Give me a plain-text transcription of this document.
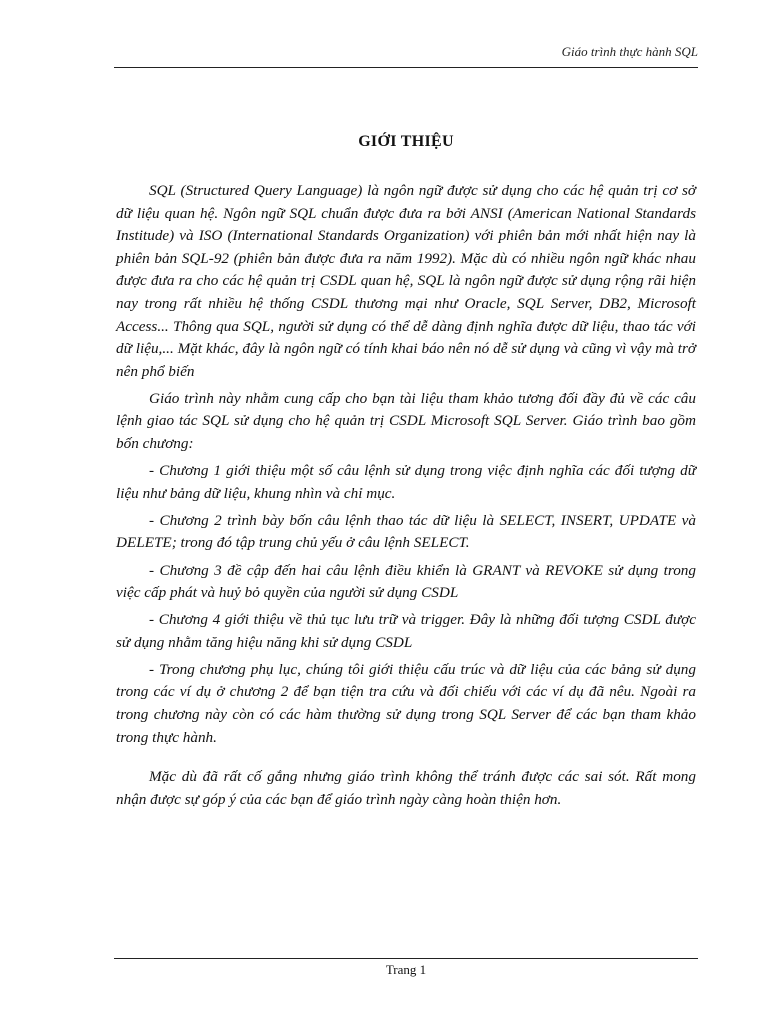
Giáo trình thực hành SQL
GIỚI THIỆU

SQL (Structured Query Language) là ngôn ngữ được sử dụng cho các hệ quản trị cơ sở dữ liệu quan hệ. Ngôn ngữ SQL chuẩn được đưa ra bởi ANSI (American National Standards Institude) và ISO (International Standards Organization) với phiên bản mới nhất hiện nay là phiên bản SQL-92 (phiên bản được đưa ra năm 1992). Mặc dù có nhiều ngôn ngữ khác nhau được đưa ra cho các hệ quản trị CSDL quan hệ, SQL là ngôn ngữ được sử dụng rộng rãi hiện nay trong rất nhiều hệ thống CSDL thương mại như Oracle, SQL Server, DB2, Microsoft Access... Thông qua SQL, người sử dụng có thể dễ dàng định nghĩa được dữ liệu, thao tác với dữ liệu,... Mặt khác, đây là ngôn ngữ có tính khai báo nên nó dễ sử dụng và cũng vì vậy mà trở nên phổ biến

Giáo trình này nhằm cung cấp cho bạn tài liệu tham khảo tương đối đầy đủ về các câu lệnh giao tác SQL sử dụng cho hệ quản trị CSDL Microsoft SQL Server. Giáo trình bao gồm bốn chương:

- Chương 1 giới thiệu một số câu lệnh sử dụng trong việc định nghĩa các đối tượng dữ liệu như bảng dữ liệu, khung nhìn và chỉ mục.

- Chương 2 trình bày bốn câu lệnh thao tác dữ liệu là SELECT, INSERT, UPDATE và DELETE; trong đó tập trung chủ yếu ở câu lệnh SELECT.

- Chương 3 đề cập đến hai câu lệnh điều khiển là GRANT và REVOKE sử dụng trong việc cấp phát và huỷ bỏ quyền của người sử dụng CSDL

- Chương 4 giới thiệu về thủ tục lưu trữ và trigger. Đây là những đối tượng CSDL được sử dụng nhằm tăng hiệu năng khi sử dụng CSDL

- Trong chương phụ lục, chúng tôi giới thiệu cấu trúc và dữ liệu của các bảng sử dụng trong các ví dụ ở chương 2 để bạn tiện tra cứu và đối chiếu với các ví dụ đã nêu. Ngoài ra trong chương này còn có các hàm thường sử dụng trong SQL Server để các bạn tham khảo trong thực hành.

Mặc dù đã rất cố gắng nhưng giáo trình không thể tránh được các sai sót. Rất mong nhận được sự góp ý của các bạn để giáo trình ngày càng hoàn thiện hơn.

Trang 1
